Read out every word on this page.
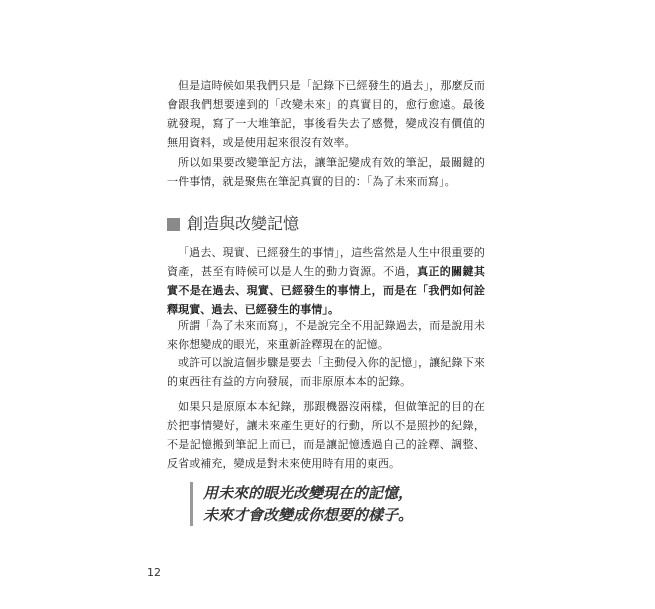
但是這時候如果我們只是「記錄下已經發生的過去」，那麼反而會跟我們想要達到的「改變未來」的真實目的，愈行愈遠。最後就發現，寫了一大堆筆記，事後看失去了感覺，變成沒有價值的無用資料，或是使用起來很沒有效率。

所以如果要改變筆記方法，讓筆記變成有效的筆記，最關鍵的一件事情，就是聚焦在筆記真實的目的：「為了未來而寫」。

創造與改變記憶

「過去、現實、已經發生的事情」，這些當然是人生中很重要的資產，甚至有時候可以是人生的動力資源。不過，真正的關鍵其實不是在過去、現實、已經發生的事情上，而是在「我們如何詮釋現實、過去、已經發生的事情」。

所謂「為了未來而寫」，不是說完全不用記錄過去，而是說用未來你想變成的眼光，來重新詮釋現在的記憶。

或許可以說這個步驟是要去「主動侵入你的記憶」，讓紀錄下來的東西往有益的方向發展，而非原原本本的記錄。

如果只是原原本本紀錄，那跟機器沒兩樣，但做筆記的目的在於把事情變好，讓未來產生更好的行動，所以不是照抄的紀錄，不是記憶搬到筆記上而已，而是讓記憶透過自己的詮釋、調整、反省或補充，變成是對未來使用時有用的東西。

用未來的眼光改變現在的記憶，
未來才會改變成你想要的樣子。
12
